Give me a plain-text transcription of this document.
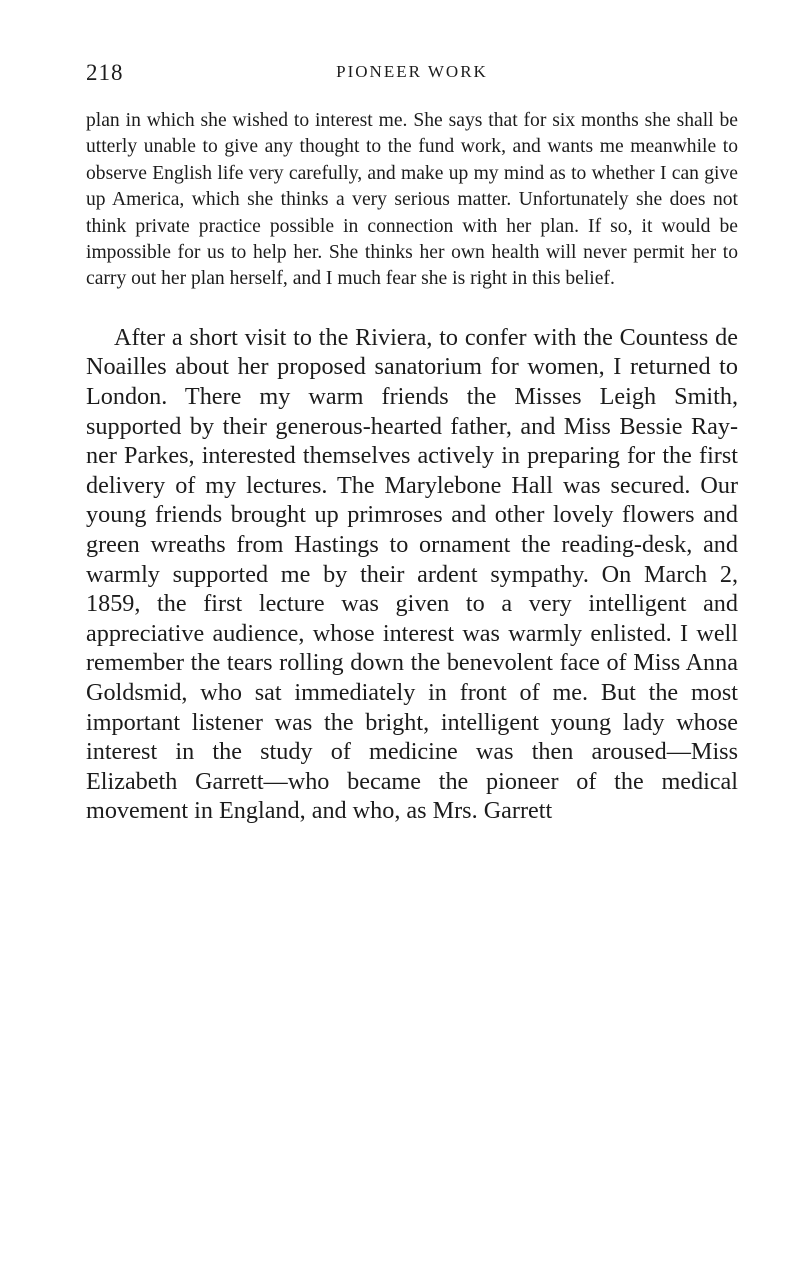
218	PIONEER WORK

plan in which she wished to interest me. She says that for six months she shall be utterly unable to give any thought to the fund work, and wants me meanwhile to observe English life very carefully, and make up my mind as to whether I can give up America, which she thinks a very serious matter. Unfortunately she does not think private practice possible in connection with her plan. If so, it would be impossible for us to help her. She thinks her own health will never permit her to carry out her plan herself, and I much fear she is right in this belief.

After a short visit to the Riviera, to confer with the Countess de Noailles about her proposed sanatorium for women, I returned to London. There my warm friends the Misses Leigh Smith, supported by their generous-hearted father, and Miss Bessie Rayner Parkes, interested themselves actively in preparing for the first delivery of my lectures. The Marylebone Hall was secured. Our young friends brought up primroses and other lovely flowers and green wreaths from Hastings to ornament the reading-desk, and warmly supported me by their ardent sympathy. On March 2, 1859, the first lecture was given to a very intelligent and appreciative audience, whose interest was warmly enlisted. I well remember the tears rolling down the benevolent face of Miss Anna Goldsmid, who sat immediately in front of me. But the most important listener was the bright, intelligent young lady whose interest in the study of medicine was then aroused—Miss Elizabeth Garrett—who became the pioneer of the medical movement in England, and who, as Mrs. Garrett
